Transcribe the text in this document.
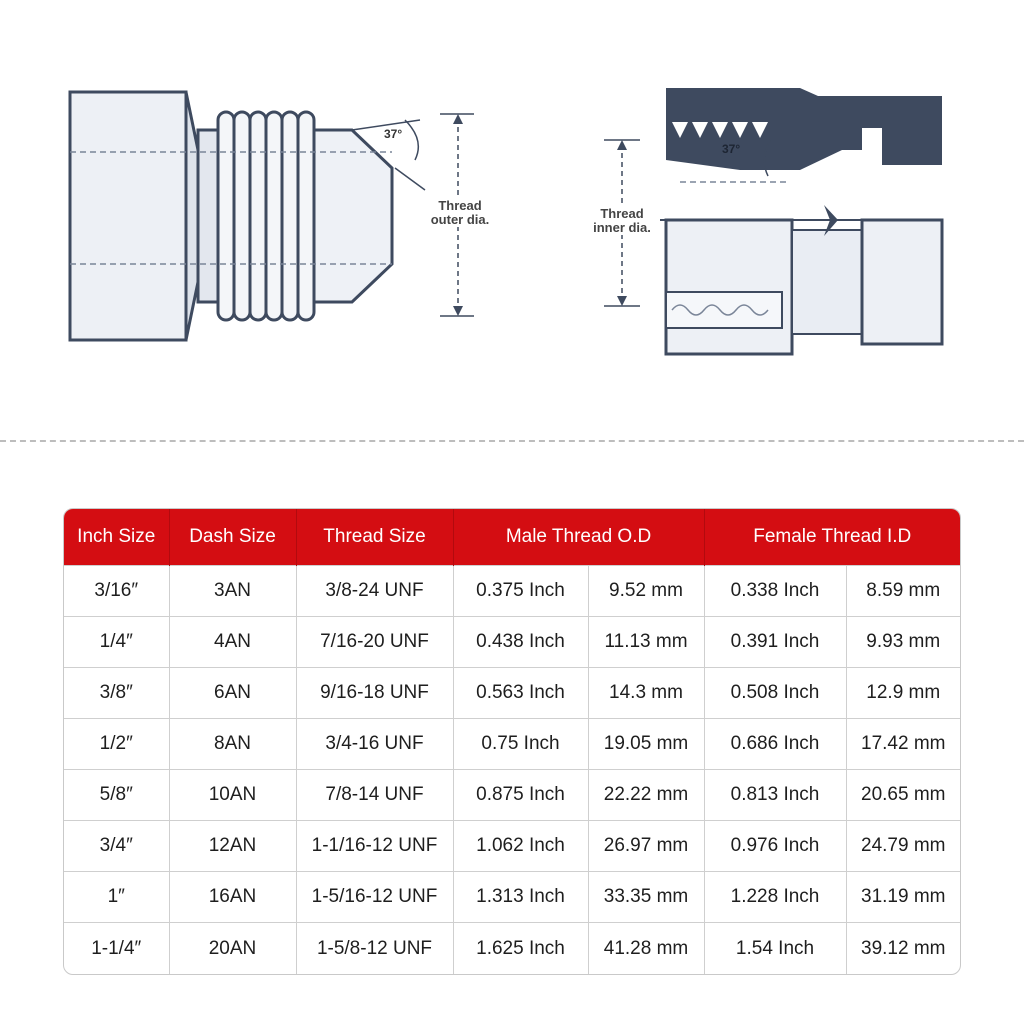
37°
Thread
outer dia.
37°
Thread
inner dia.
Inch Size	Dash Size	Thread Size	Male Thread O.D		Female Thread I.D	
3/16″	3AN	3/8-24 UNF	0.375 Inch	9.52 mm	0.338 Inch	8.59 mm
1/4″	4AN	7/16-20 UNF	0.438 Inch	11.13 mm	0.391 Inch	9.93 mm
3/8″	6AN	9/16-18 UNF	0.563 Inch	14.3 mm	0.508 Inch	12.9 mm
1/2″	8AN	3/4-16 UNF	0.75 Inch	19.05 mm	0.686 Inch	17.42 mm
5/8″	10AN	7/8-14 UNF	0.875 Inch	22.22 mm	0.813 Inch	20.65 mm
3/4″	12AN	1-1/16-12 UNF	1.062 Inch	26.97 mm	0.976 Inch	24.79 mm
1″	16AN	1-5/16-12 UNF	1.313 Inch	33.35 mm	1.228 Inch	31.19 mm
1-1/4″	20AN	1-5/8-12 UNF	1.625 Inch	41.28 mm	1.54 Inch	39.12 mm
